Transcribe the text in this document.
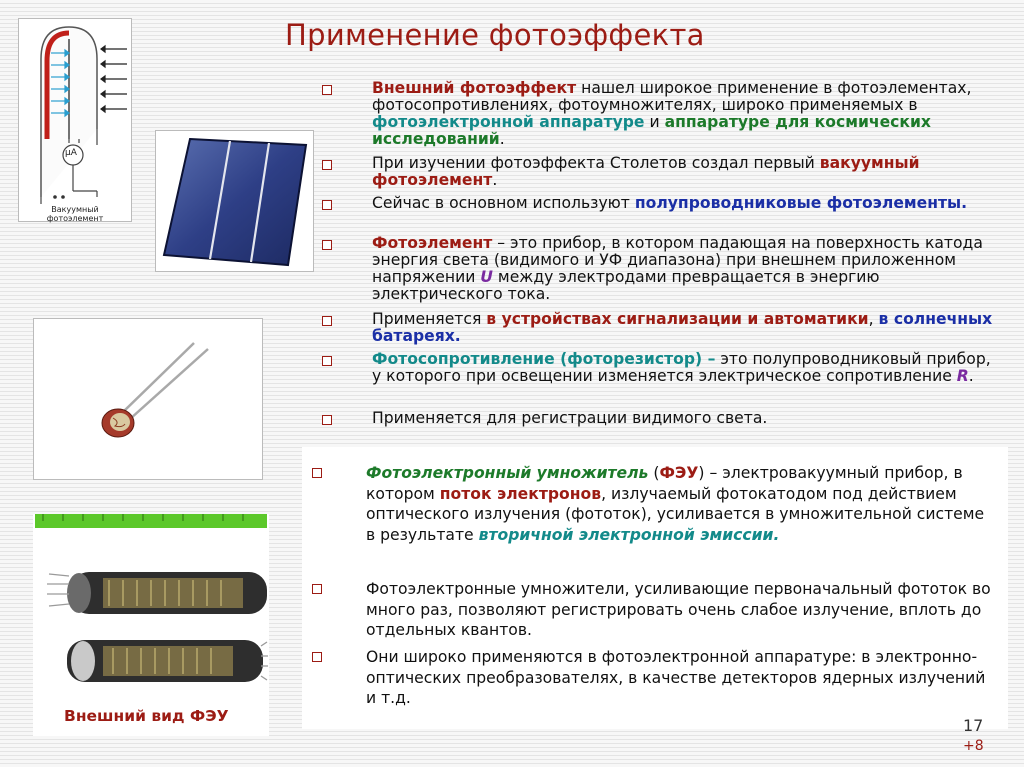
Применение фотоэффекта
μA
Вакуумный фотоэлемент
Внешний вид ФЭУ
Внешний фотоэффект нашел широкое применение в фотоэлементах, фотосопротивлениях, фотоумножителях, широко применяемых в фотоэлектронной аппаратуре и аппаратуре для космических исследований.
При изучении фотоэффекта Столетов создал первый вакуумный фотоэлемент.
Сейчас в основном используют полупроводниковые фотоэлементы.
Фотоэлемент – это прибор, в котором падающая на поверхность катода энергия света (видимого и УФ диапазона) при внешнем приложенном напряжении U между электродами превращается в энергию электрического тока.
Применяется в устройствах сигнализации и автоматики, в солнечных батареях.
Фотосопротивление (фоторезистор) – это полупроводниковый прибор, у которого при освещении изменяется электрическое сопротивление R.
Применяется для регистрации видимого света.
Фотоэлектронный умножитель (ФЭУ) – электровакуумный прибор, в котором поток электронов, излучаемый фотокатодом под действием оптического излучения (фототок), усиливается в умножительной системе в результате вторичной электронной эмиссии.
Фотоэлектронные умножители, усиливающие первоначальный фототок во много раз, позволяют регистрировать очень слабое излучение, вплоть до отдельных квантов.
Они широко применяются в фотоэлектронной аппаратуре: в электронно-оптических преобразователях, в качестве детекторов ядерных излучений и т.д.
17
+8
